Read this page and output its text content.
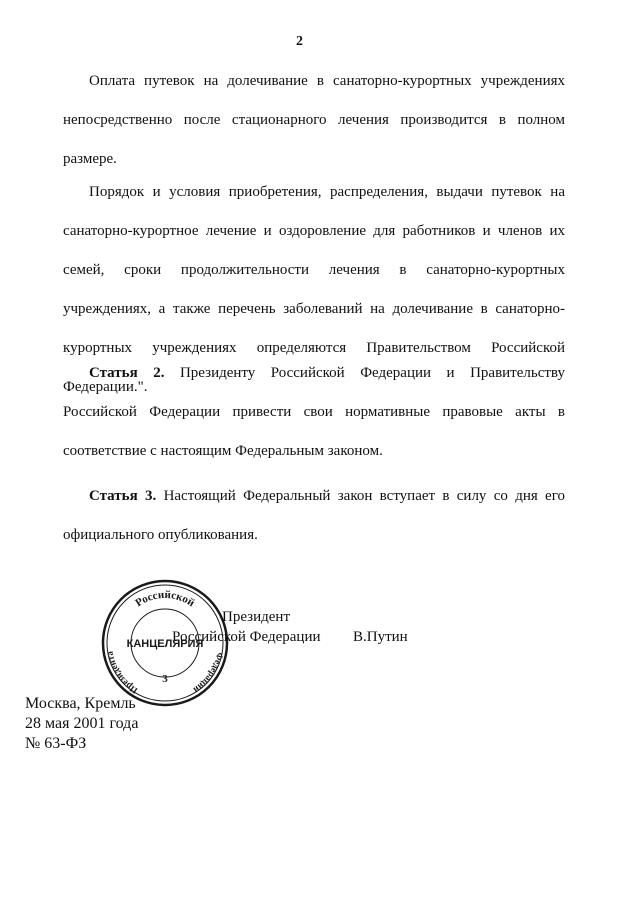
2

Оплата путевок на долечивание в санаторно-курортных учреждениях непосредственно после стационарного лечения производится в полном размере.

Порядок и условия приобретения, распределения, выдачи путевок на санаторно-курортное лечение и оздоровление для работников и членов их семей, сроки продолжительности лечения в санаторно-курортных учреждениях, а также перечень заболеваний на долечивание в санаторно-курортных учреждениях определяются Правительством Российской Федерации.".

Статья 2. Президенту Российской Федерации и Правительству Российской Федерации привести свои нормативные правовые акты в соответствие с настоящим Федеральным законом.

Статья 3. Настоящий Федеральный закон вступает в силу со дня его официального опубликования.

Российской
Президента	Федерации
КАНЦЕЛЯРИЯ
3
Президент
Российской Федерации В.Путин
Москва, Кремль
28 мая 2001 года
№ 63-ФЗ
